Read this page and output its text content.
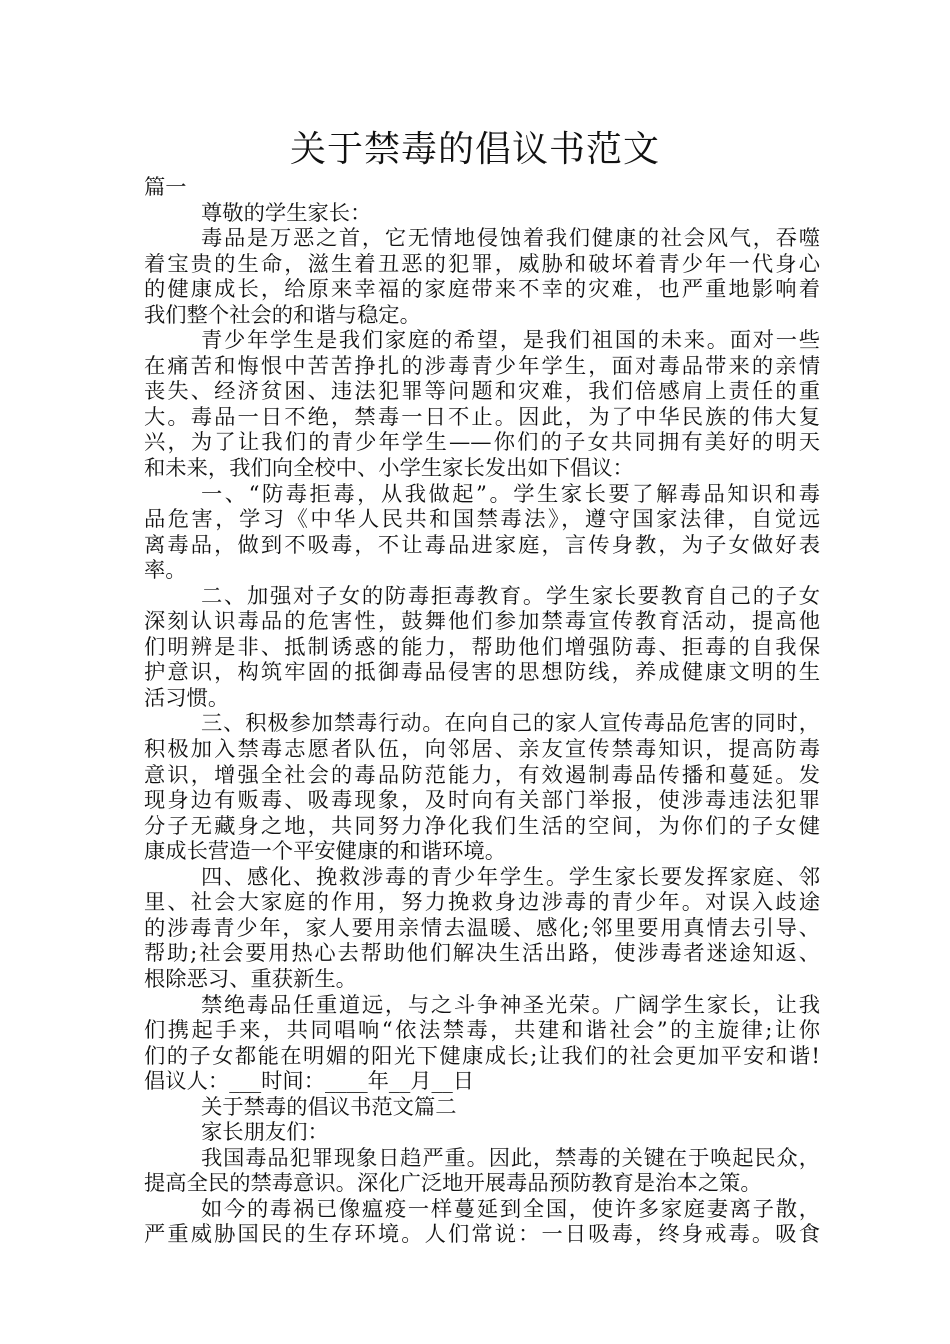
关于禁毒的倡议书范文
篇一
尊敬的学生家长：
毒品是万恶之首，它无情地侵蚀着我们健康的社会风气，吞噬
着宝贵的生命，滋生着丑恶的犯罪，威胁和破坏着青少年一代身心
的健康成长，给原来幸福的家庭带来不幸的灾难，也严重地影响着
我们整个社会的和谐与稳定。
青少年学生是我们家庭的希望，是我们祖国的未来。面对一些
在痛苦和悔恨中苦苦挣扎的涉毒青少年学生，面对毒品带来的亲情
丧失、经济贫困、违法犯罪等问题和灾难，我们倍感肩上责任的重
大。毒品一日不绝，禁毒一日不止。因此，为了中华民族的伟大复
兴，为了让我们的青少年学生——你们的子女共同拥有美好的明天
和未来，我们向全校中、小学生家长发出如下倡议：
一、“防毒拒毒，从我做起”。学生家长要了解毒品知识和毒
品危害，学习《中华人民共和国禁毒法》，遵守国家法律，自觉远
离毒品，做到不吸毒，不让毒品进家庭，言传身教，为子女做好表
率。
二、加强对子女的防毒拒毒教育。学生家长要教育自己的子女
深刻认识毒品的危害性，鼓舞他们参加禁毒宣传教育活动，提高他
们明辨是非、抵制诱惑的能力，帮助他们增强防毒、拒毒的自我保
护意识，构筑牢固的抵御毒品侵害的思想防线，养成健康文明的生
活习惯。
三、积极参加禁毒行动。在向自己的家人宣传毒品危害的同时，
积极加入禁毒志愿者队伍，向邻居、亲友宣传禁毒知识，提高防毒
意识，增强全社会的毒品防范能力，有效遏制毒品传播和蔓延。发
现身边有贩毒、吸毒现象，及时向有关部门举报，使涉毒违法犯罪
分子无藏身之地，共同努力净化我们生活的空间，为你们的子女健
康成长营造一个平安健康的和谐环境。
四、感化、挽救涉毒的青少年学生。学生家长要发挥家庭、邻
里、社会大家庭的作用，努力挽救身边涉毒的青少年。对误入歧途
的涉毒青少年，家人要用亲情去温暖、感化;邻里要用真情去引导、
帮助;社会要用热心去帮助他们解决生活出路，使涉毒者迷途知返、
根除恶习、重获新生。
禁绝毒品任重道远，与之斗争神圣光荣。广阔学生家长，让我
们携起手来，共同唱响“依法禁毒，共建和谐社会”的主旋律;让你
们的子女都能在明媚的阳光下健康成长;让我们的社会更加平安和谐!
倡议人：___时间：____年__月__日
关于禁毒的倡议书范文篇二
家长朋友们：
我国毒品犯罪现象日趋严重。因此，禁毒的关键在于唤起民众，
提高全民的禁毒意识。深化广泛地开展毒品预防教育是治本之策。
如今的毒祸已像瘟疫一样蔓延到全国，使许多家庭妻离子散，
严重威胁国民的生存环境。人们常说：一日吸毒，终身戒毒。吸食
